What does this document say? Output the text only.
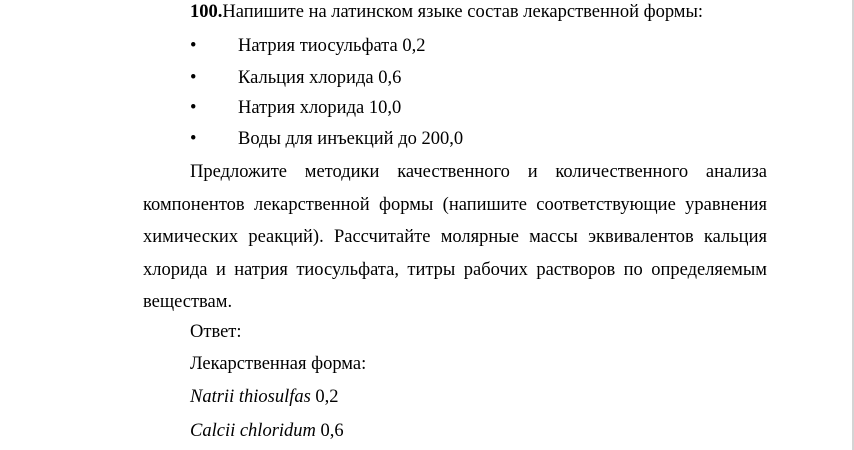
100.Напишите на латинском языке состав лекарственной формы:
• Натрия тиосульфата 0,2
• Кальция хлорида 0,6
• Натрия хлорида 10,0
• Воды для инъекций до 200,0

Предложите методики качественного и количественного анализа компонентов лекарственной формы (напишите соответствующие уравнения химических реакций). Рассчитайте молярные массы эквивалентов кальция хлорида и натрия тиосульфата, титры рабочих растворов по определяемым веществам.

Ответ:
Лекарственная форма:
Natrii thiosulfas 0,2
Calcii chloridum 0,6
